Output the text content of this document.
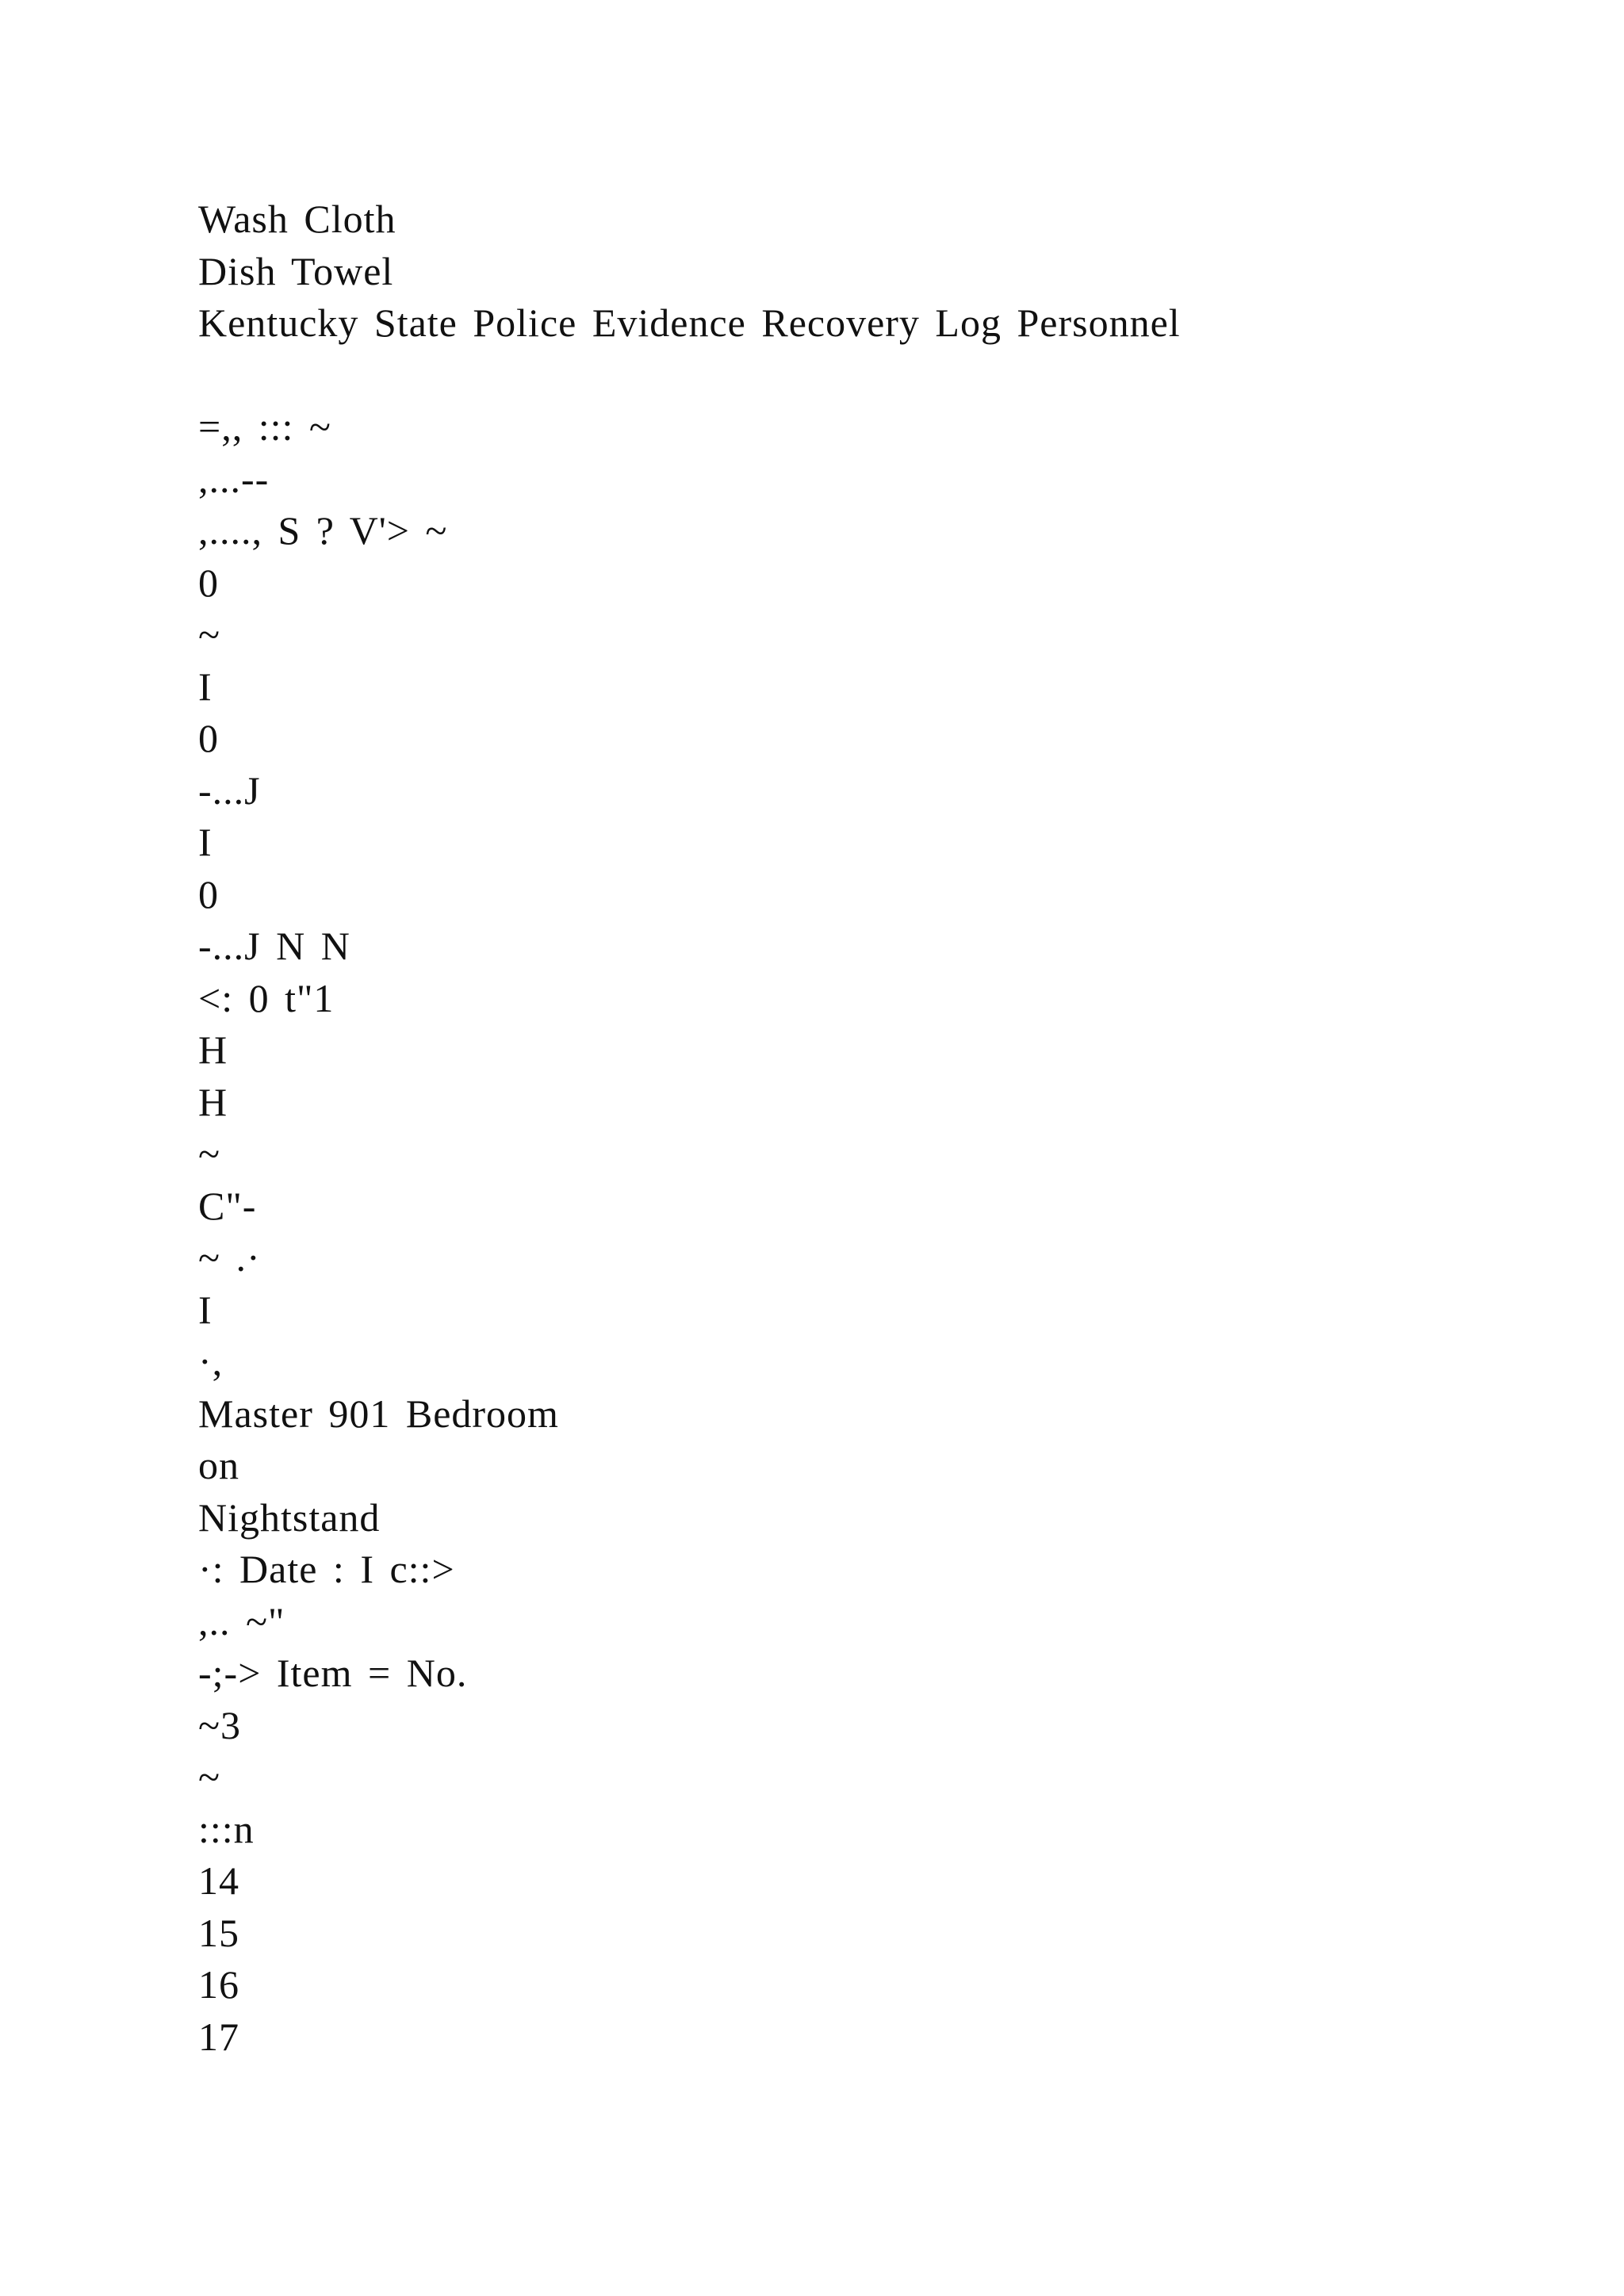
Wash Cloth
Dish Towel
Kentucky State Police Evidence Recovery Log Personnel
=,, ::: ~
,...--
,...., S ? V'> ~
0
~
I
0
-...J
I
0
-...J N N
<: 0 t"1
H
H
~
C"-
~ .·
I
·,
Master 901 Bedroom
on
Nightstand
·: Date : I c::>
,.. ~"
-;-> Item = No.
~3
~
:::n
14
15
16
17
